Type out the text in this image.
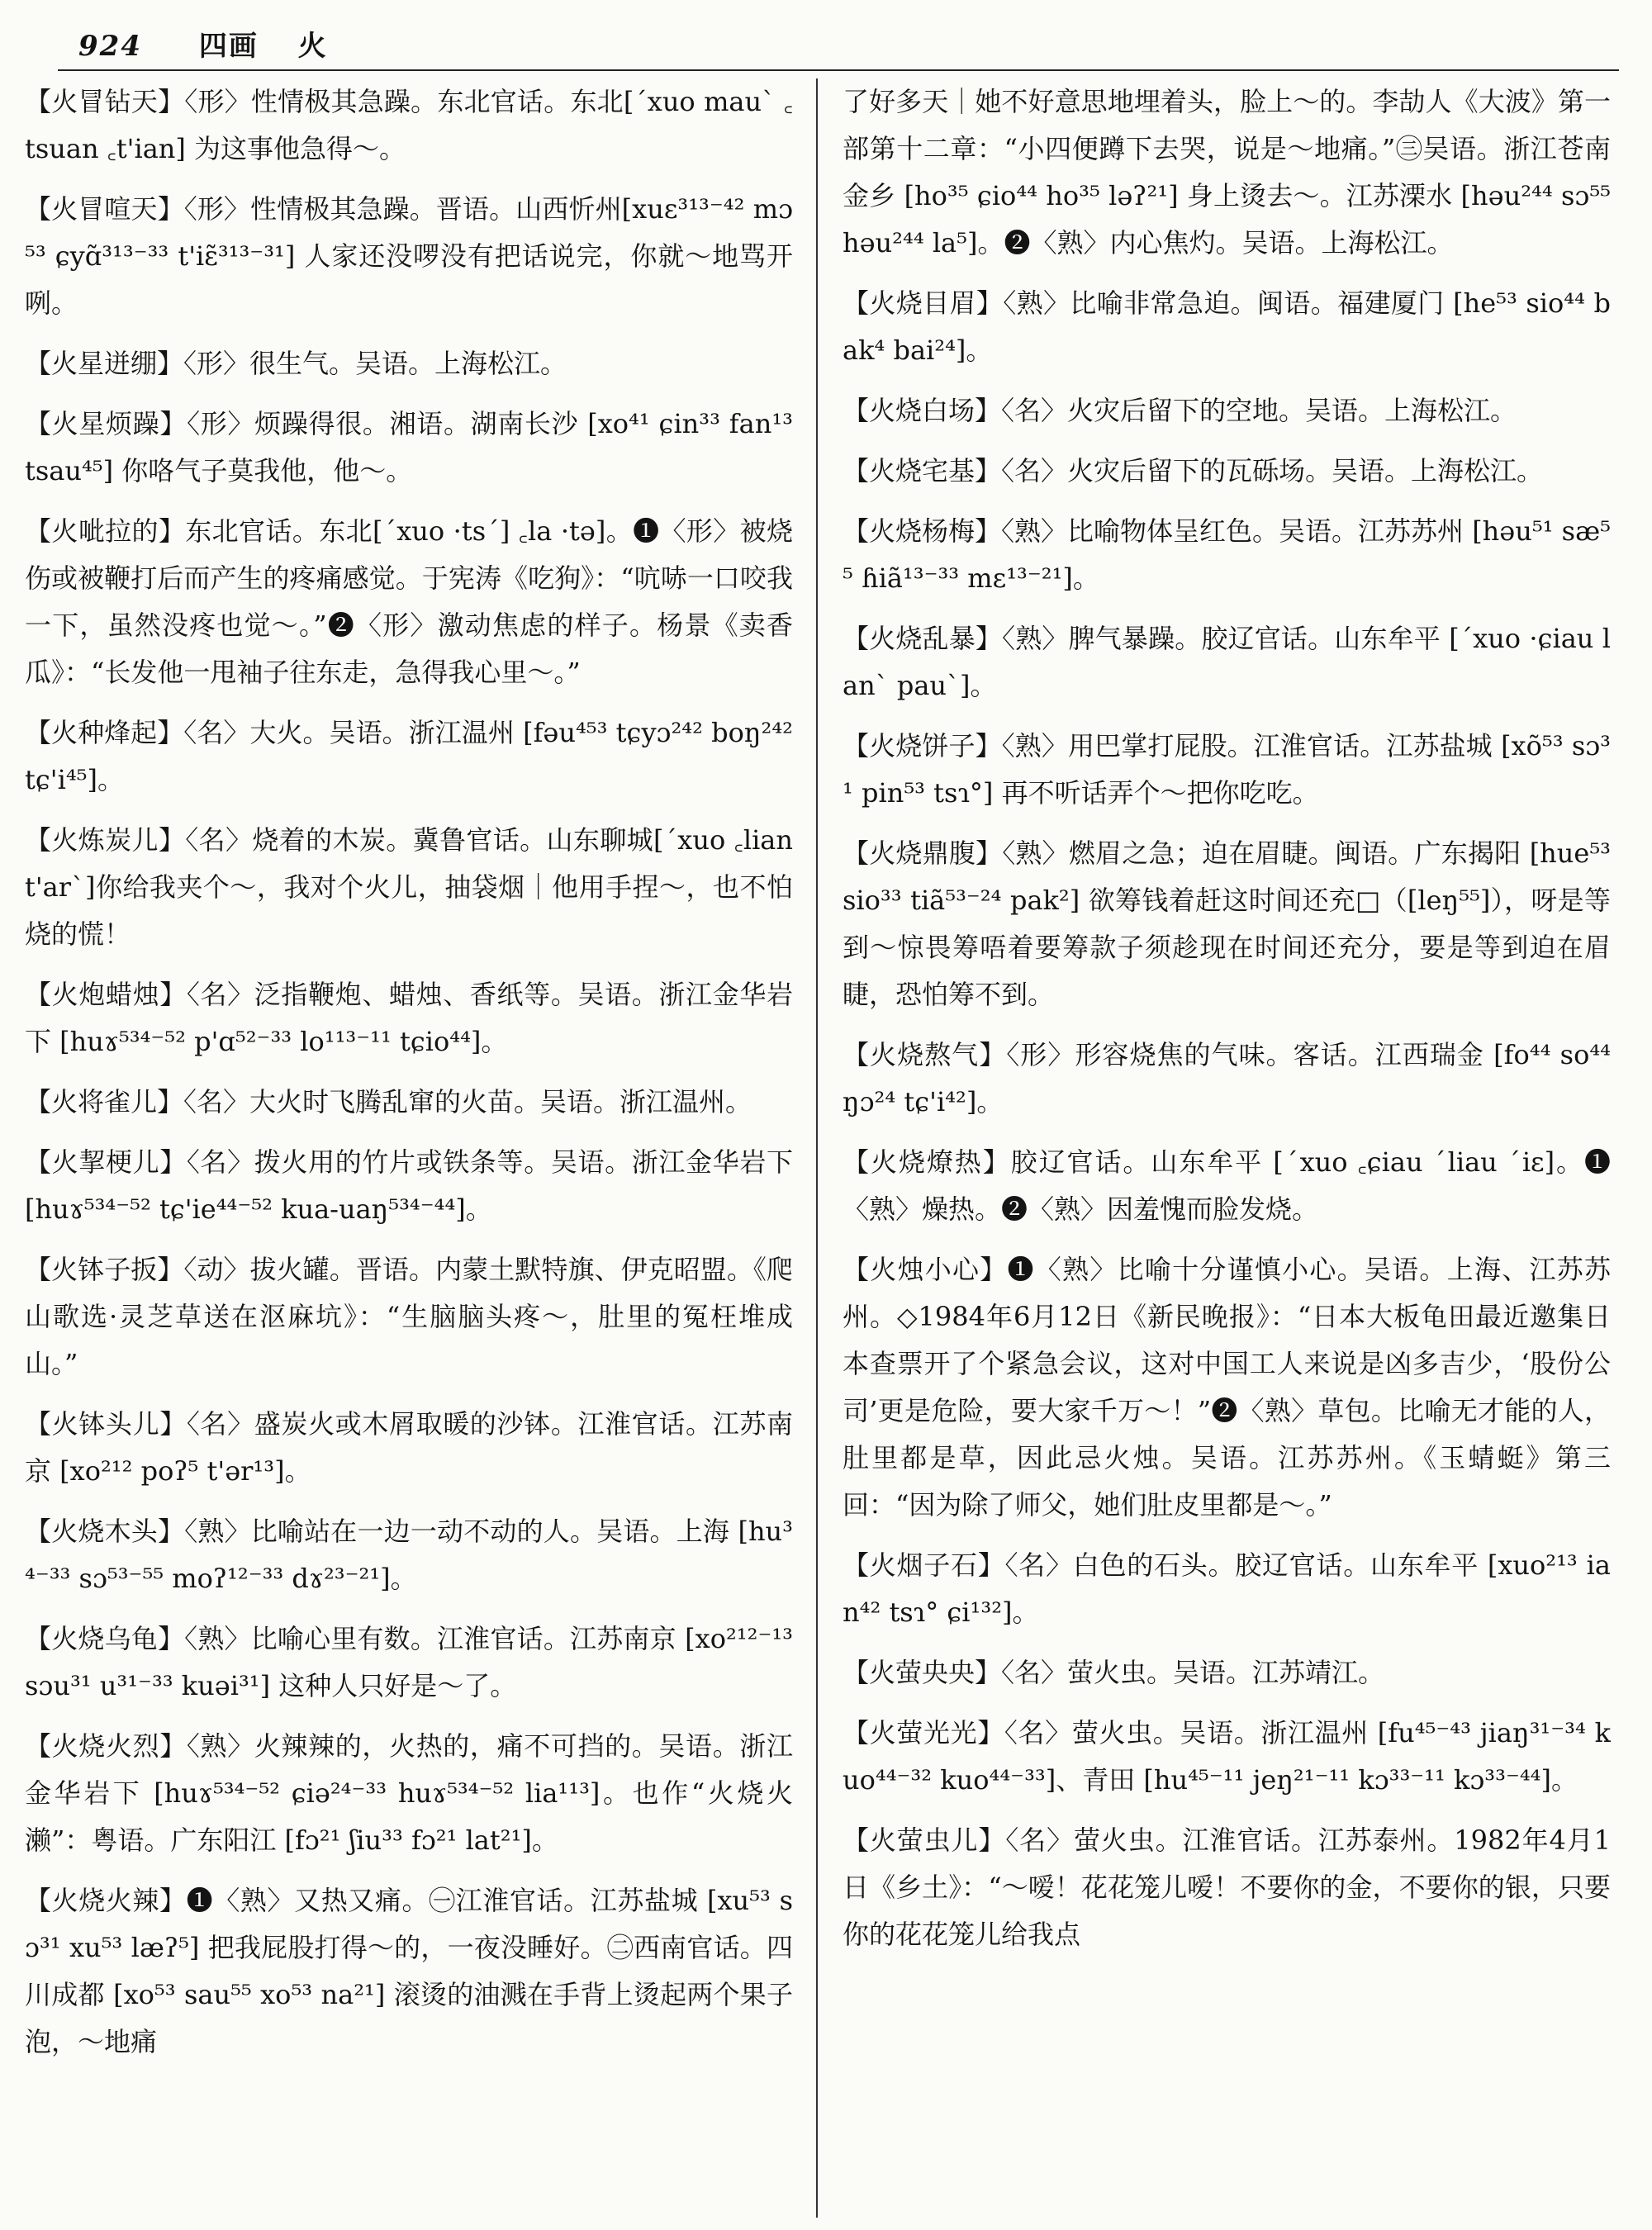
924 四画 火

【火冒钻天】〈形〉性情极其急躁。东北官话。东北[ˊxuo mauˋ ꜀tsuan ꜀t'ian] 为这事他急得～。

【火冒喧天】〈形〉性情极其急躁。晋语。山西忻州[xuɛ³¹³⁻⁴² mɔ⁵³ ɕyɑ̃³¹³⁻³³ t'iɛ̃³¹³⁻³¹] 人家还没啰没有把话说完，你就～地骂开咧。

【火星迸绷】〈形〉很生气。吴语。上海松江。

【火星烦躁】〈形〉烦躁得很。湘语。湖南长沙 [xo⁴¹ ɕin³³ fan¹³ tsau⁴⁵] 你咯气子莫我他，他～。

【火呲拉的】东北官话。东北[ˊxuo ·tsˊ] ꜀la ·tə]。❶〈形〉被烧伤或被鞭打后而产生的疼痛感觉。于宪涛《吃狗》：“吭哧一口咬我一下，虽然没疼也觉～。”❷〈形〉激动焦虑的样子。杨景《卖香瓜》：“长发他一甩袖子往东走，急得我心里～。”

【火种烽起】〈名〉大火。吴语。浙江温州 [fəu⁴⁵³ tɕyɔ²⁴² boŋ²⁴² tɕ'i⁴⁵]。

【火炼炭儿】〈名〉烧着的木炭。冀鲁官话。山东聊城[ˊxuo ꜀lian t'arˋ]你给我夹个～，我对个火儿，抽袋烟｜他用手捏～，也不怕烧的慌！

【火炮蜡烛】〈名〉泛指鞭炮、蜡烛、香纸等。吴语。浙江金华岩下 [huɤ⁵³⁴⁻⁵² p'ɑ⁵²⁻³³ lo¹¹³⁻¹¹ tɕio⁴⁴]。

【火将雀儿】〈名〉大火时飞腾乱窜的火苗。吴语。浙江温州。

【火挈梗儿】〈名〉拨火用的竹片或铁条等。吴语。浙江金华岩下 [huɤ⁵³⁴⁻⁵² tɕ'ie⁴⁴⁻⁵² kua-uaŋ⁵³⁴⁻⁴⁴]。

【火钵子扳】〈动〉拔火罐。晋语。内蒙土默特旗、伊克昭盟。《爬山歌选·灵芝草送在沤麻坑》：“生脑脑头疼～，肚里的冤枉堆成山。”

【火钵头儿】〈名〉盛炭火或木屑取暖的沙钵。江淮官话。江苏南京 [xo²¹² poʔ⁵ t'ər¹³]。

【火烧木头】〈熟〉比喻站在一边一动不动的人。吴语。上海 [hu³⁴⁻³³ sɔ⁵³⁻⁵⁵ moʔ¹²⁻³³ dɤ²³⁻²¹]。

【火烧乌龟】〈熟〉比喻心里有数。江淮官话。江苏南京 [xo²¹²⁻¹³ sɔu³¹ u³¹⁻³³ kuəi³¹] 这种人只好是～了。

【火烧火烈】〈熟〉火辣辣的，火热的，痛不可挡的。吴语。浙江金华岩下 [huɤ⁵³⁴⁻⁵² ɕiə²⁴⁻³³ huɤ⁵³⁴⁻⁵² lia¹¹³]。也作“火烧火濑”：粤语。广东阳江 [fɔ²¹ ʃiu³³ fɔ²¹ lat²¹]。

【火烧火辣】❶〈熟〉又热又痛。㊀江淮官话。江苏盐城 [xu⁵³ sɔ³¹ xu⁵³ læʔ⁵] 把我屁股打得～的，一夜没睡好。㊁西南官话。四川成都 [xo⁵³ sau⁵⁵ xo⁵³ na²¹] 滚烫的油溅在手背上烫起两个果子泡，～地痛

了好多天｜她不好意思地埋着头，脸上～的。李劼人《大波》第一部第十二章：“小四便蹲下去哭，说是～地痛。”㊂吴语。浙江苍南金乡 [ho³⁵ ɕio⁴⁴ ho³⁵ ləʔ²¹] 身上烫去～。江苏溧水 [həu²⁴⁴ sɔ⁵⁵ həu²⁴⁴ la⁵]。❷〈熟〉内心焦灼。吴语。上海松江。

【火烧目眉】〈熟〉比喻非常急迫。闽语。福建厦门 [he⁵³ sio⁴⁴ bak⁴ bai²⁴]。

【火烧白场】〈名〉火灾后留下的空地。吴语。上海松江。

【火烧宅基】〈名〉火灾后留下的瓦砾场。吴语。上海松江。

【火烧杨梅】〈熟〉比喻物体呈红色。吴语。江苏苏州 [həu⁵¹ sæ⁵⁵ ɦiã¹³⁻³³ mɛ¹³⁻²¹]。

【火烧乱暴】〈熟〉脾气暴躁。胶辽官话。山东牟平 [ˊxuo ·ɕiau lanˋ pauˋ]。

【火烧饼子】〈熟〉用巴掌打屁股。江淮官话。江苏盐城 [xõ⁵³ sɔ³¹ pin⁵³ tsɿ°] 再不听话弄个～把你吃吃。

【火烧鼎腹】〈熟〉燃眉之急；迫在眉睫。闽语。广东揭阳 [hue⁵³ sio³³ tiã⁵³⁻²⁴ pak²] 欲筹钱着赶这时间还充□（[leŋ⁵⁵]），呀是等到～惊畏筹唔着要筹款子须趁现在时间还充分，要是等到迫在眉睫，恐怕筹不到。

【火烧熬气】〈形〉形容烧焦的气味。客话。江西瑞金 [fo⁴⁴ so⁴⁴ ŋɔ²⁴ tɕ'i⁴²]。

【火烧燎热】胶辽官话。山东牟平 [ˊxuo ꜀ɕiau ˊliau ˊiɛ]。❶〈熟〉燥热。❷〈熟〉因羞愧而脸发烧。

【火烛小心】❶〈熟〉比喻十分谨慎小心。吴语。上海、江苏苏州。◇1984年6月12日《新民晚报》：“日本大板龟田最近邀集日本查票开了个紧急会议，这对中国工人来说是凶多吉少，‘股份公司’更是危险，要大家千万～！”❷〈熟〉草包。比喻无才能的人，肚里都是草，因此忌火烛。吴语。江苏苏州。《玉蜻蜓》第三回：“因为除了师父，她们肚皮里都是～。”

【火烟子石】〈名〉白色的石头。胶辽官话。山东牟平 [xuo²¹³ ian⁴² tsɿ° ɕi¹³²]。

【火萤央央】〈名〉萤火虫。吴语。江苏靖江。

【火萤光光】〈名〉萤火虫。吴语。浙江温州 [fu⁴⁵⁻⁴³ jiaŋ³¹⁻³⁴ kuo⁴⁴⁻³² kuo⁴⁴⁻³³]、青田 [hu⁴⁵⁻¹¹ jeŋ²¹⁻¹¹ kɔ³³⁻¹¹ kɔ³³⁻⁴⁴]。

【火萤虫儿】〈名〉萤火虫。江淮官话。江苏泰州。1982年4月1日《乡土》：“～嗳！花花笼儿嗳！不要你的金，不要你的银，只要你的花花笼儿给我点
